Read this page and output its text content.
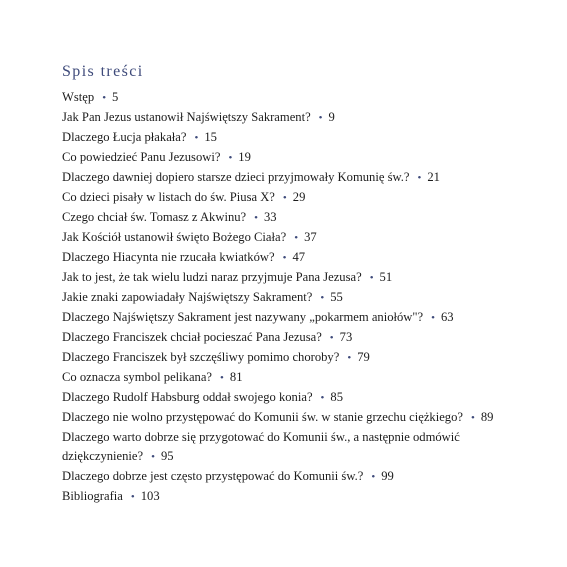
Spis treści
Wstęp • 5
Jak Pan Jezus ustanowił Najświętszy Sakrament? • 9
Dlaczego Łucja płakała? • 15
Co powiedzieć Panu Jezusowi? • 19
Dlaczego dawniej dopiero starsze dzieci przyjmowały Komunię św.? • 21
Co dzieci pisały w listach do św. Piusa X? • 29
Czego chciał św. Tomasz z Akwinu? • 33
Jak Kościół ustanowił święto Bożego Ciała? • 37
Dlaczego Hiacynta nie rzucała kwiatków? • 47
Jak to jest, że tak wielu ludzi naraz przyjmuje Pana Jezusa? • 51
Jakie znaki zapowiadały Najświętszy Sakrament? • 55
Dlaczego Najświętszy Sakrament jest nazywany „pokarmem aniołów"? • 63
Dlaczego Franciszek chciał pocieszać Pana Jezusa? • 73
Dlaczego Franciszek był szczęśliwy pomimo choroby? • 79
Co oznacza symbol pelikana? • 81
Dlaczego Rudolf Habsburg oddał swojego konia? • 85
Dlaczego nie wolno przystępować do Komunii św. w stanie grzechu ciężkiego? • 89
Dlaczego warto dobrze się przygotować do Komunii św., a następnie odmówić dziękczynienie? • 95
Dlaczego dobrze jest często przystępować do Komunii św.? • 99
Bibliografia • 103
